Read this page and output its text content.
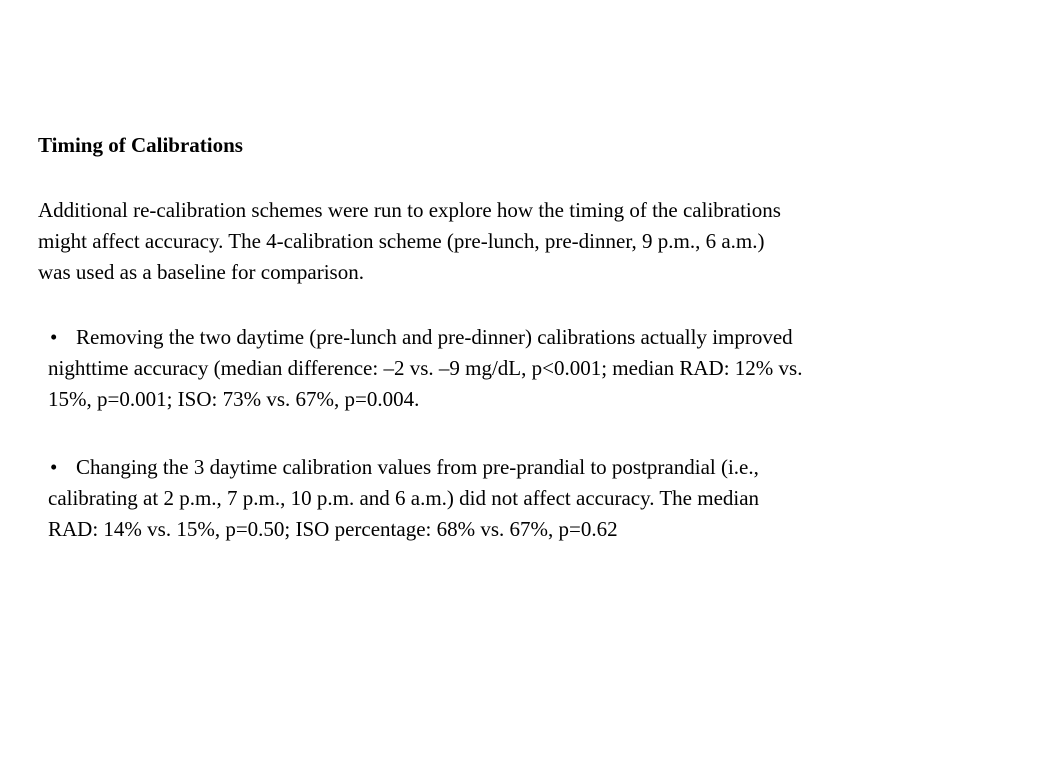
Timing of Calibrations
Additional re-calibration schemes were run to explore how the timing of the calibrations
might affect accuracy. The 4-calibration scheme (pre-lunch, pre-dinner, 9 p.m., 6 a.m.)
was used as a baseline for comparison.
• Removing the two daytime (pre-lunch and pre-dinner) calibrations actually improved
nighttime accuracy (median difference: –2 vs. –9 mg/dL, p<0.001; median RAD: 12% vs.
15%, p=0.001; ISO: 73% vs. 67%, p=0.004.
• Changing the 3 daytime calibration values from pre-prandial to postprandial (i.e.,
calibrating at 2 p.m., 7 p.m., 10 p.m. and 6 a.m.) did not affect accuracy. The median
RAD: 14% vs. 15%, p=0.50; ISO percentage: 68% vs. 67%, p=0.62
